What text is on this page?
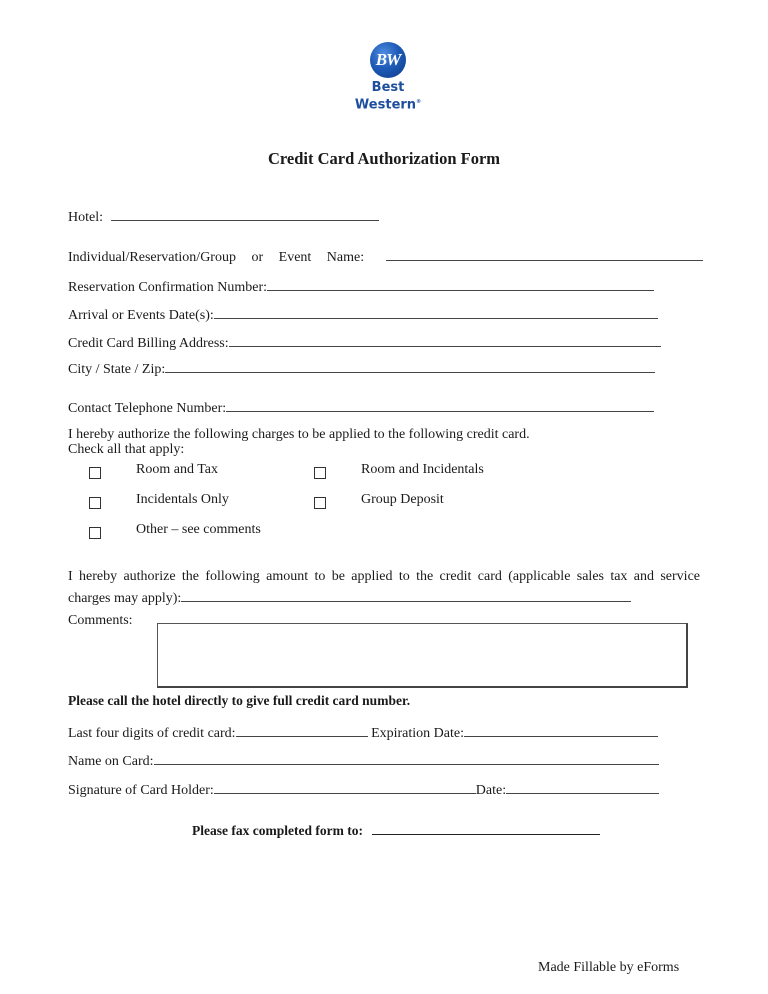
BW
Best
Western®
Credit Card Authorization Form
Hotel:
Individual/Reservation/Group or Event Name:
Reservation Confirmation Number:
Arrival or Events Date(s):
Credit Card Billing Address:
City / State / Zip:
Contact Telephone Number:
I hereby authorize the following charges to be applied to the following credit card.
Check all that apply:
Room and Tax	Room and Incidentals
Incidentals Only	Group Deposit
Other – see comments
I hereby authorize the following amount to be applied to the credit card (applicable sales tax and service
charges may apply):
Comments:
Please call the hotel directly to give full credit card number.
Last four digits of credit card:	Expiration Date:
Name on Card:
Signature of Card Holder:	Date:
Please fax completed form to:
Made Fillable by eForms
